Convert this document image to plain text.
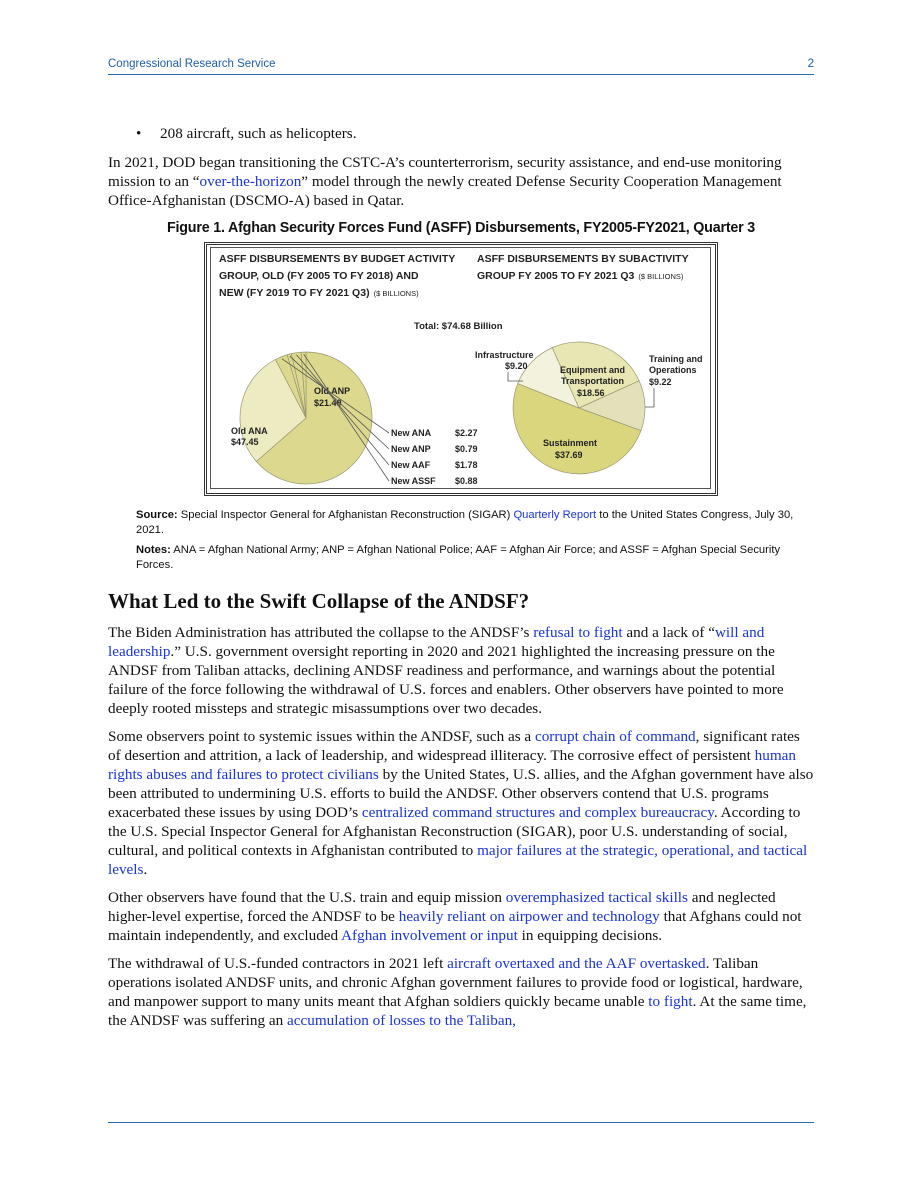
Congressional Research Service	2
•	208 aircraft, such as helicopters.

In 2021, DOD began transitioning the CSTC-A’s counterterrorism, security assistance, and end-use monitoring mission to an “over-the-horizon” model through the newly created Defense Security Cooperation Management Office-Afghanistan (DSCMO-A) based in Qatar.

Figure 1. Afghan Security Forces Fund (ASFF) Disbursements, FY2005-FY2021, Quarter 3
ASFF DISBURSEMENTS BY BUDGET ACTIVITY
GROUP, OLD (FY 2005 TO FY 2018) AND
NEW (FY 2019 TO FY 2021 Q3) ($ BILLIONS)
ASFF DISBURSEMENTS BY SUBACTIVITY
GROUP FY 2005 TO FY 2021 Q3 ($ BILLIONS)
Total: $74.68 Billion
Old ANA
$47.45
Old ANP
$21.49
New ANA	$2.27
New ANP	$0.79
New AAF	$1.78
New ASSF $0.88
Sustainment
$37.69
Equipment and
Transportation
$18.56
Infrastructure
$9.20
Training and
Operations
$9.22
Source: Special Inspector General for Afghanistan Reconstruction (SIGAR) Quarterly Report to the United States Congress, July 30, 2021.
Notes: ANA = Afghan National Army; ANP = Afghan National Police; AAF = Afghan Air Force; and ASSF = Afghan Special Security Forces.
What Led to the Swift Collapse of the ANDSF?

The Biden Administration has attributed the collapse to the ANDSF’s refusal to fight and a lack of “will and leadership.” U.S. government oversight reporting in 2020 and 2021 highlighted the increasing pressure on the ANDSF from Taliban attacks, declining ANDSF readiness and performance, and warnings about the potential failure of the force following the withdrawal of U.S. forces and enablers. Other observers have pointed to more deeply rooted missteps and strategic misassumptions over two decades.

Some observers point to systemic issues within the ANDSF, such as a corrupt chain of command, significant rates of desertion and attrition, a lack of leadership, and widespread illiteracy. The corrosive effect of persistent human rights abuses and failures to protect civilians by the United States, U.S. allies, and the Afghan government have also been attributed to undermining U.S. efforts to build the ANDSF. Other observers contend that U.S. programs exacerbated these issues by using DOD’s centralized command structures and complex bureaucracy. According to the U.S. Special Inspector General for Afghanistan Reconstruction (SIGAR), poor U.S. understanding of social, cultural, and political contexts in Afghanistan contributed to major failures at the strategic, operational, and tactical levels.

Other observers have found that the U.S. train and equip mission overemphasized tactical skills and neglected higher-level expertise, forced the ANDSF to be heavily reliant on airpower and technology that Afghans could not maintain independently, and excluded Afghan involvement or input in equipping decisions.

The withdrawal of U.S.-funded contractors in 2021 left aircraft overtaxed and the AAF overtasked. Taliban operations isolated ANDSF units, and chronic Afghan government failures to provide food or logistical, hardware, and manpower support to many units meant that Afghan soldiers quickly became unable to fight. At the same time, the ANDSF was suffering an accumulation of losses to the Taliban,
